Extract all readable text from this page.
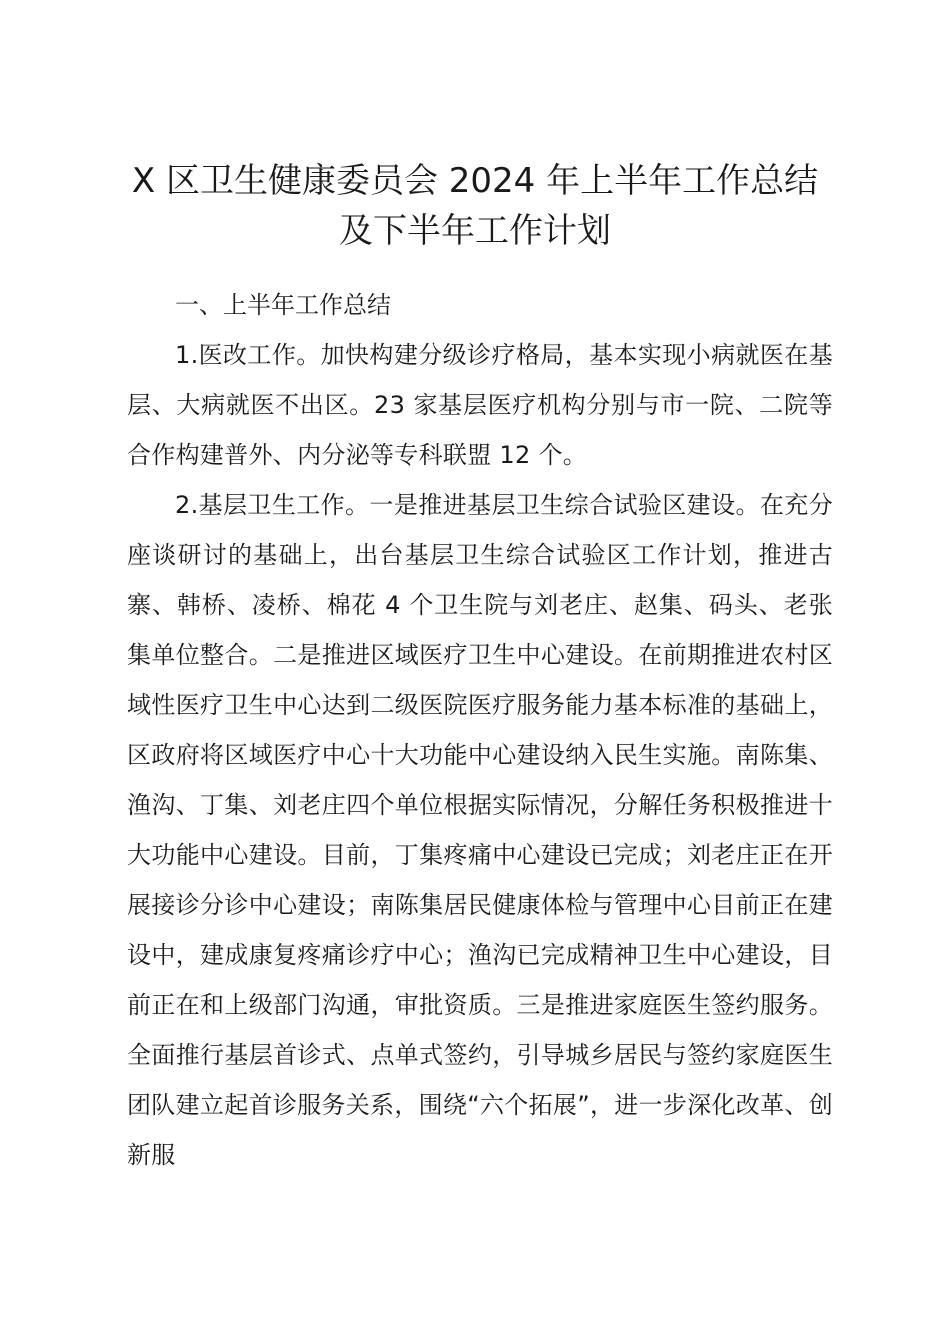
X 区卫生健康委员会 2024 年上半年工作总结
及下半年工作计划

一、上半年工作总结

1.医改工作。加快构建分级诊疗格局，基本实现小病就医在基层、大病就医不出区。23 家基层医疗机构分别与市一院、二院等合作构建普外、内分泌等专科联盟 12 个。

2.基层卫生工作。一是推进基层卫生综合试验区建设。在充分座谈研讨的基础上，出台基层卫生综合试验区工作计划，推进古寨、韩桥、凌桥、棉花 4 个卫生院与刘老庄、赵集、码头、老张集单位整合。二是推进区域医疗卫生中心建设。在前期推进农村区域性医疗卫生中心达到二级医院医疗服务能力基本标准的基础上，区政府将区域医疗中心十大功能中心建设纳入民生实施。南陈集、渔沟、丁集、刘老庄四个单位根据实际情况，分解任务积极推进十大功能中心建设。目前，丁集疼痛中心建设已完成；刘老庄正在开展接诊分诊中心建设；南陈集居民健康体检与管理中心目前正在建设中，建成康复疼痛诊疗中心；渔沟已完成精神卫生中心建设，目前正在和上级部门沟通，审批资质。三是推进家庭医生签约服务。全面推行基层首诊式、点单式签约，引导城乡居民与签约家庭医生团队建立起首诊服务关系，围绕“六个拓展”，进一步深化改革、创新服
